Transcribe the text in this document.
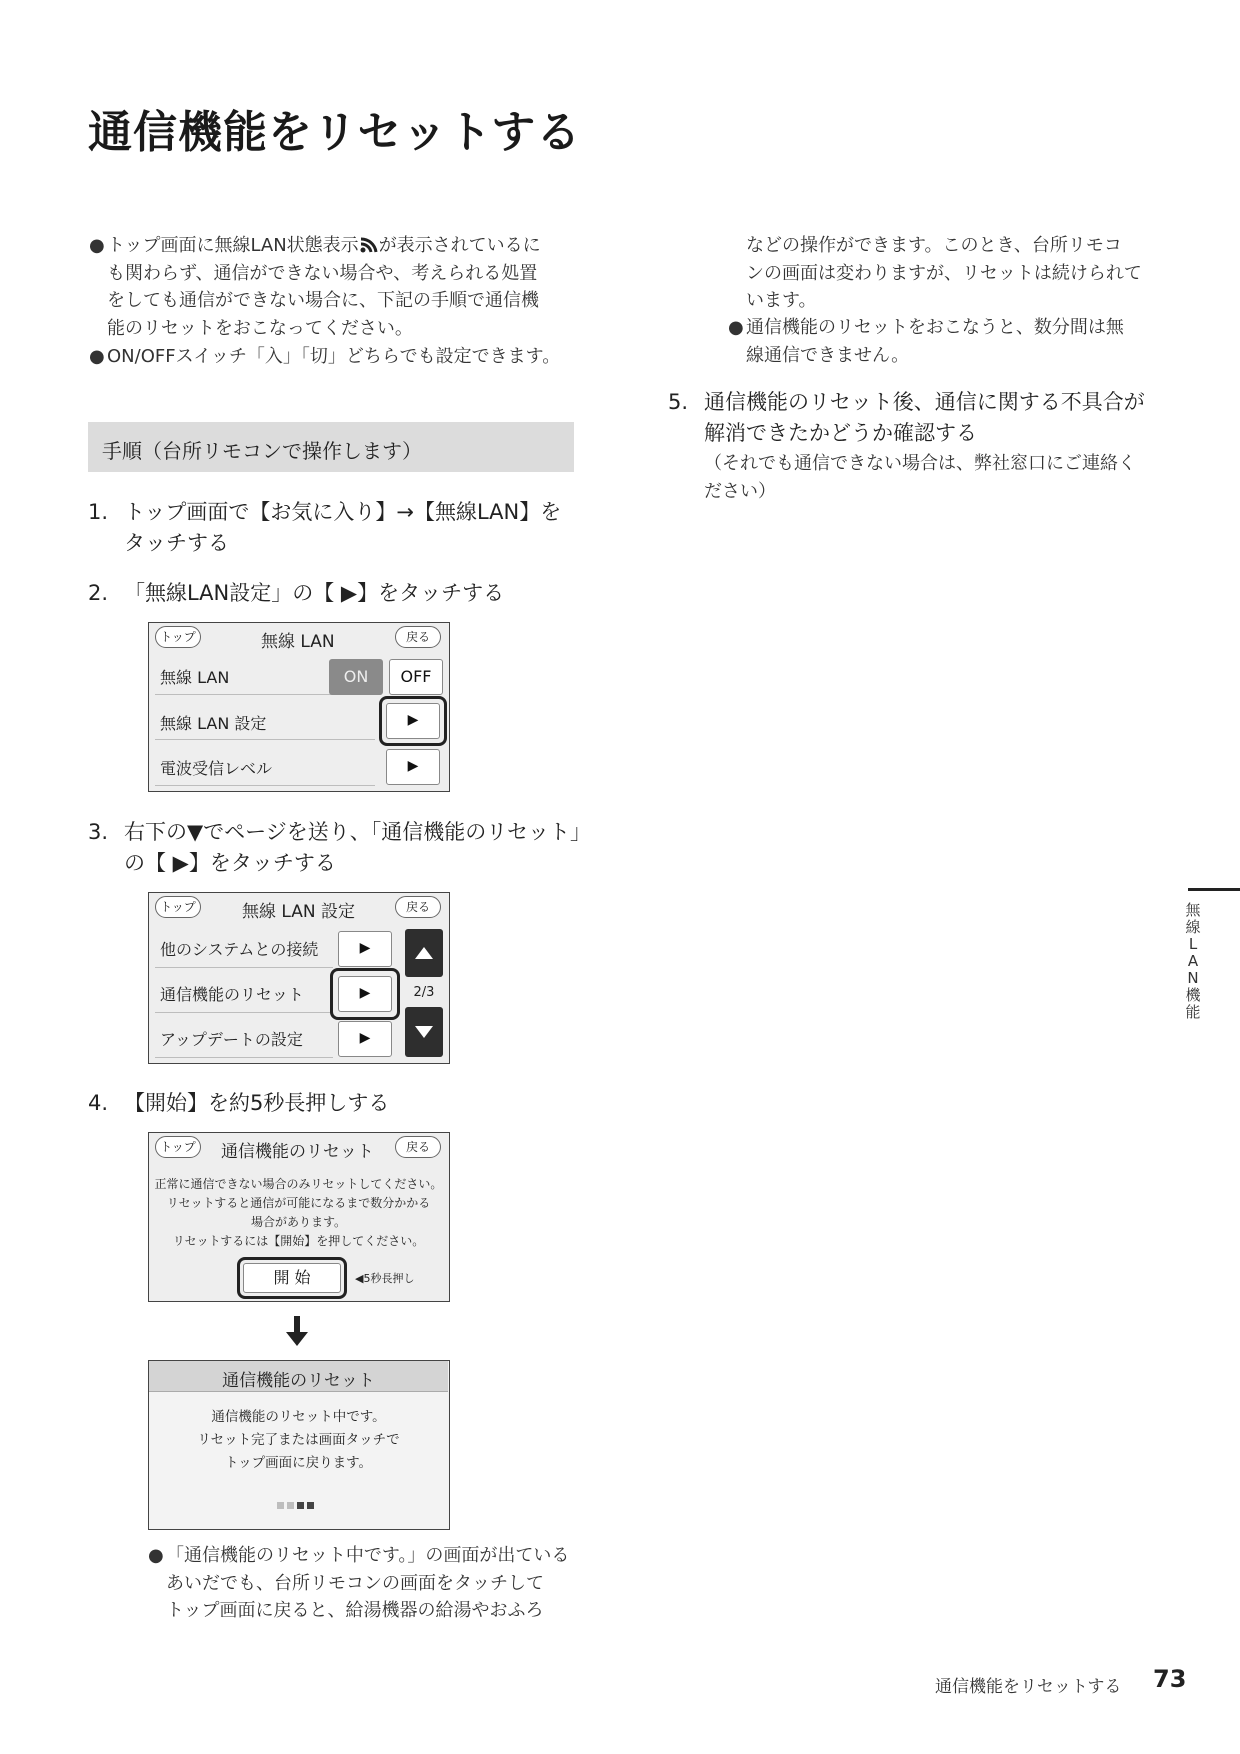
通信機能をリセットする
● トップ画面に無線LAN状態表示 が表示されているに
も関わらず、通信ができない場合や、考えられる処置
をしても通信ができない場合に、下記の手順で通信機
能のリセットをおこなってください。
● ON/OFFスイッチ「入」「切」どちらでも設定できます。
手順（台所リモコンで操作します）
1. トップ画面で【お気に入り】→【無線LAN】を
タッチする
2. 「無線LAN設定」の【 ▶】をタッチする
トップ	無線 LAN	戻る
無線 LAN	ON	OFF
無線 LAN 設定	▶
電波受信レベル	▶
3. 右下の▼でページを送り、「通信機能のリセット」
の【 ▶】をタッチする
トップ	無線 LAN 設定	戻る
他のシステムとの接続	▶
通信機能のリセット	▶
アップデートの設定	▶
2/3
4. 【開始】を約5秒長押しする
トップ	通信機能のリセット	戻る
正常に通信できない場合のみリセットしてください。
リセットすると通信が可能になるまで数分かかる
場合があります。
リセットするには【開始】を押してください。
開 始	◀5秒長押し
通信機能のリセット
通信機能のリセット中です。
リセット完了または画面タッチで
トップ画面に戻ります。
● 「通信機能のリセット中です。」の画面が出ている
あいだでも、台所リモコンの画面をタッチして
トップ画面に戻ると、給湯機器の給湯やおふろ
などの操作ができます。このとき、台所リモコ
ンの画面は変わりますが、リセットは続けられて
います。
● 通信機能のリセットをおこなうと、数分間は無
線通信できません。
5. 通信機能のリセット後、通信に関する不具合が
解消できたかどうか確認する
（それでも通信できない場合は、弊社窓口にご連絡く
ださい）
無
線
L
A
N
機
能
通信機能をリセットする 73
